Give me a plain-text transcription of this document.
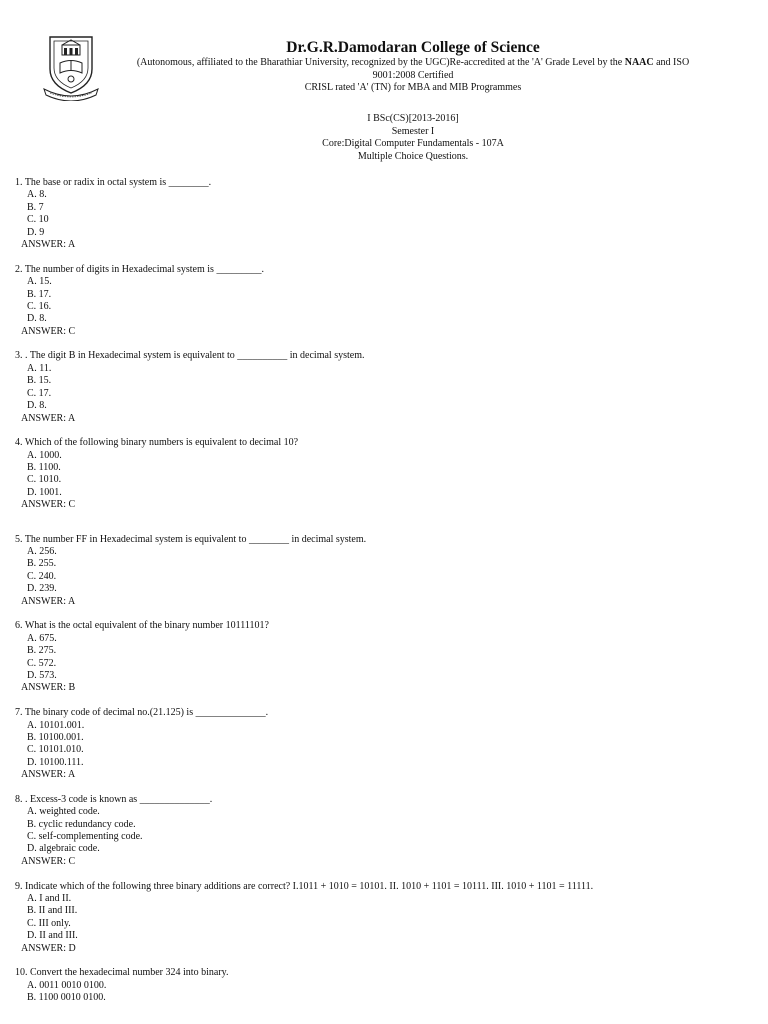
Dr.G.R.Damodaran College of Science
(Autonomous, affiliated to the Bharathiar University, recognized by the UGC)Re-accredited at the 'A' Grade Level by the NAAC and ISO
9001:2008 Certified
CRISL rated 'A' (TN) for MBA and MIB Programmes
I BSc(CS)[2013-2016]
Semester I
Core:Digital Computer Fundamentals - 107A
Multiple Choice Questions.
1. The base or radix in octal system is ________.
A. 8.
B. 7
C. 10
D. 9
ANSWER: A
2. The number of digits in Hexadecimal system is _________.
A. 15.
B. 17.
C. 16.
D. 8.
ANSWER: C
3. . The digit B in Hexadecimal system is equivalent to __________ in decimal system.
A. 11.
B. 15.
C. 17.
D. 8.
ANSWER: A
4. Which of the following binary numbers is equivalent to decimal 10?
A. 1000.
B. 1100.
C. 1010.
D. 1001.
ANSWER: C
5. The number FF in Hexadecimal system is equivalent to ________ in decimal system.
A. 256.
B. 255.
C. 240.
D. 239.
ANSWER: A
6. What is the octal equivalent of the binary number 10111101?
A. 675.
B. 275.
C. 572.
D. 573.
ANSWER: B
7. The binary code of decimal no.(21.125) is ______________.
A. 10101.001.
B. 10100.001.
C. 10101.010.
D. 10100.111.
ANSWER: A
8. . Excess-3 code is known as ______________.
A. weighted code.
B. cyclic redundancy code.
C. self-complementing code.
D. algebraic code.
ANSWER: C
9. Indicate which of the following three binary additions are correct? I.1011 + 1010 = 10101. II. 1010 + 1101 = 10111. III. 1010 + 1101 = 11111.
A. I and II.
B. II and III.
C. III only.
D. II and III.
ANSWER: D
10. Convert the hexadecimal number 324 into binary.
A. 0011 0010 0100.
B. 1100 0010 0100.
